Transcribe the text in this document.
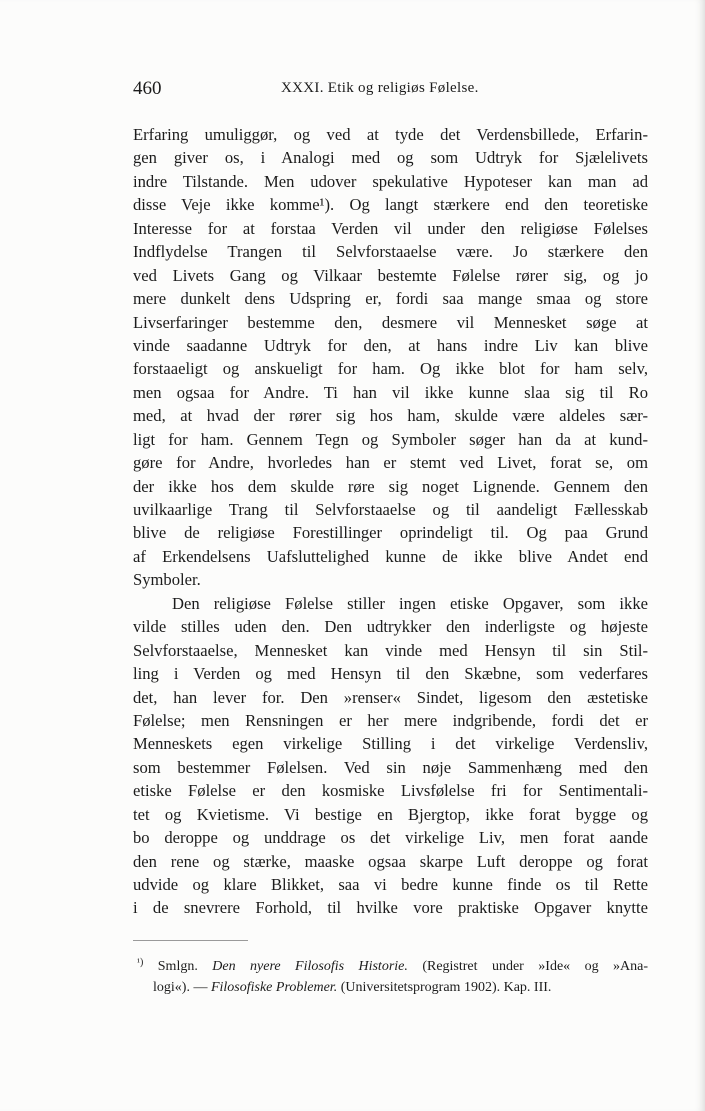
460	XXXI. Etik og religiøs Følelse.
Erfaring umuliggør, og ved at tyde det Verdensbillede, Erfarin-
gen giver os, i Analogi med og som Udtryk for Sjælelivets
indre Tilstande. Men udover spekulative Hypoteser kan man ad
disse Veje ikke komme¹). Og langt stærkere end den teoretiske
Interesse for at forstaa Verden vil under den religiøse Følelses
Indflydelse Trangen til Selvforstaaelse være. Jo stærkere den
ved Livets Gang og Vilkaar bestemte Følelse rører sig, og jo
mere dunkelt dens Udspring er, fordi saa mange smaa og store
Livserfaringer bestemme den, desmere vil Mennesket søge at
vinde saadanne Udtryk for den, at hans indre Liv kan blive
forstaaeligt og anskueligt for ham. Og ikke blot for ham selv,
men ogsaa for Andre. Ti han vil ikke kunne slaa sig til Ro
med, at hvad der rører sig hos ham, skulde være aldeles sær-
ligt for ham. Gennem Tegn og Symboler søger han da at kund-
gøre for Andre, hvorledes han er stemt ved Livet, forat se, om
der ikke hos dem skulde røre sig noget Lignende. Gennem den
uvilkaarlige Trang til Selvforstaaelse og til aandeligt Fællesskab
blive de religiøse Forestillinger oprindeligt til. Og paa Grund
af Erkendelsens Uafsluttelighed kunne de ikke blive Andet end
Symboler.
Den religiøse Følelse stiller ingen etiske Opgaver, som ikke
vilde stilles uden den. Den udtrykker den inderligste og højeste
Selvforstaaelse, Mennesket kan vinde med Hensyn til sin Stil-
ling i Verden og med Hensyn til den Skæbne, som vederfares
det, han lever for. Den »renser« Sindet, ligesom den æstetiske
Følelse; men Rensningen er her mere indgribende, fordi det er
Menneskets egen virkelige Stilling i det virkelige Verdensliv,
som bestemmer Følelsen. Ved sin nøje Sammenhæng med den
etiske Følelse er den kosmiske Livsfølelse fri for Sentimentali-
tet og Kvietisme. Vi bestige en Bjergtop, ikke forat bygge og
bo deroppe og unddrage os det virkelige Liv, men forat aande
den rene og stærke, maaske ogsaa skarpe Luft deroppe og forat
udvide og klare Blikket, saa vi bedre kunne finde os til Rette
i de snevrere Forhold, til hvilke vore praktiske Opgaver knytte
$^{^1)}$ Smlgn. Den nyere Filosofis Historie. (Registret under »Ide« og »Ana-
logi«). — Filosofiske Problemer. (Universitetsprogram 1902). Kap. III.
